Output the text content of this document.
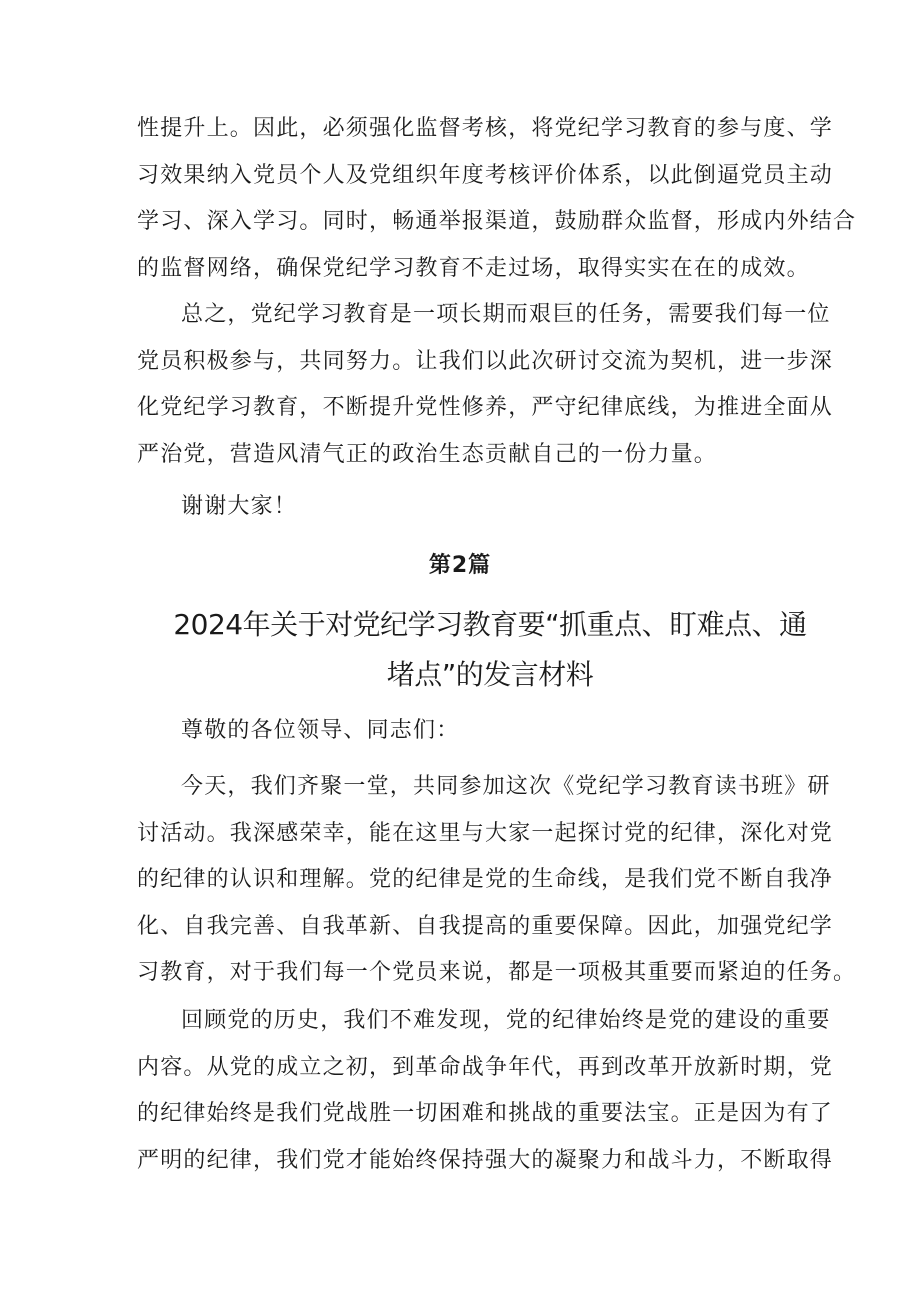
性提升上。因此，必须强化监督考核，将党纪学习教育的参与度、学
习效果纳入党员个人及党组织年度考核评价体系，以此倒逼党员主动
学习、深入学习。同时，畅通举报渠道，鼓励群众监督，形成内外结合
的监督网络，确保党纪学习教育不走过场，取得实实在在的成效。
总之，党纪学习教育是一项长期而艰巨的任务，需要我们每一位
党员积极参与，共同努力。让我们以此次研讨交流为契机，进一步深
化党纪学习教育，不断提升党性修养，严守纪律底线，为推进全面从
严治党，营造风清气正的政治生态贡献自己的一份力量。
谢谢大家！
第2篇
2024年关于对党纪学习教育要“抓重点、盯难点、通
堵点”的发言材料
尊敬的各位领导、同志们：
今天，我们齐聚一堂，共同参加这次《党纪学习教育读书班》研
讨活动。我深感荣幸，能在这里与大家一起探讨党的纪律，深化对党
的纪律的认识和理解。党的纪律是党的生命线，是我们党不断自我净
化、自我完善、自我革新、自我提高的重要保障。因此，加强党纪学
习教育，对于我们每一个党员来说，都是一项极其重要而紧迫的任务。
回顾党的历史，我们不难发现，党的纪律始终是党的建设的重要
内容。从党的成立之初，到革命战争年代，再到改革开放新时期，党
的纪律始终是我们党战胜一切困难和挑战的重要法宝。正是因为有了
严明的纪律，我们党才能始终保持强大的凝聚力和战斗力，不断取得
